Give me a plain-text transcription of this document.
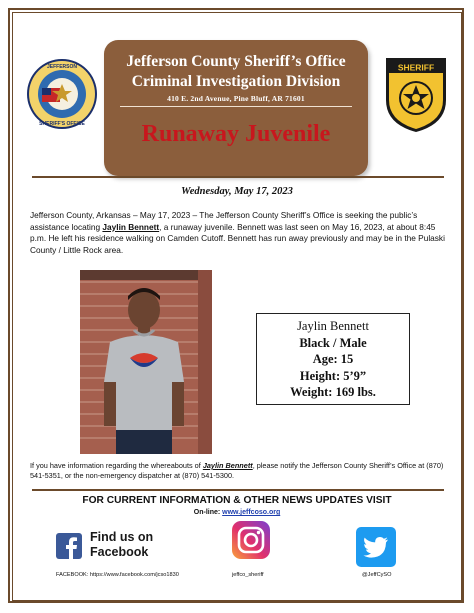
JEFFERSON
SHERIFF'S OFFICE
SHERIFF
Jefferson County Sheriff’s Office
Criminal Investigation Division
410 E. 2nd Avenue, Pine Bluff, AR 71601
Runaway Juvenile
Wednesday, May 17, 2023
Jefferson County, Arkansas – May 17, 2023 – The Jefferson County Sheriff’s Office is seeking the public’s assistance locating Jaylin Bennett, a runaway juvenile. Bennett was last seen on May 16, 2023, at about 8:45 p.m. He left his residence walking on Camden Cutoff. Bennett has run away previously and may be in the Pulaski County / Little Rock area.
Jaylin Bennett
Black / Male
Age: 15
Height: 5’9”
Weight: 169 lbs.
If you have information regarding the whereabouts of Jaylin Bennett, please notify the Jefferson County Sheriff’s Office at (870) 541-5351, or the non-emergency dispatcher at (870) 541-5300.
FOR CURRENT INFORMATION & OTHER NEWS UPDATES VISIT
On-line: www.jeffcoso.org
Find us on
Facebook
FACEBOOK: https://www.facebook.com/jcso1830	jeffco_sheriff	@JeffCySO
